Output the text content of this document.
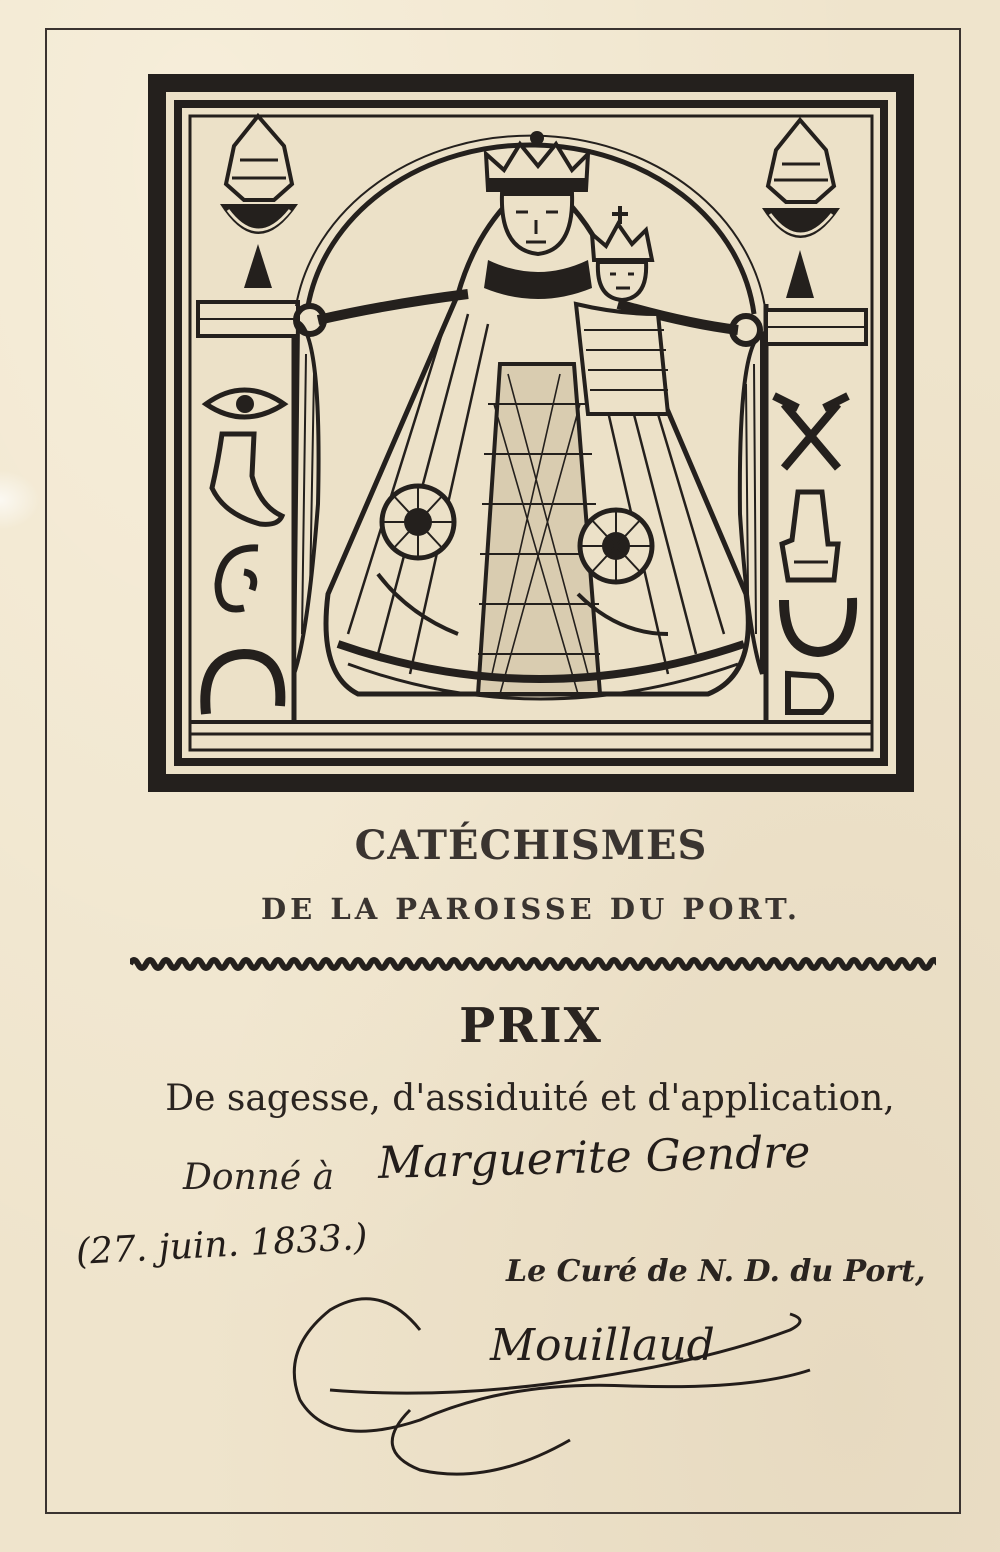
CATÉCHISMES
DE LA PAROISSE DU PORT.
PRIX
De sagesse, d'assiduité et d'application,
Donné à Marguerite Gendre
(27. juin. 1833.)	Le Curé de N. D. du Port,
Mouillaud
